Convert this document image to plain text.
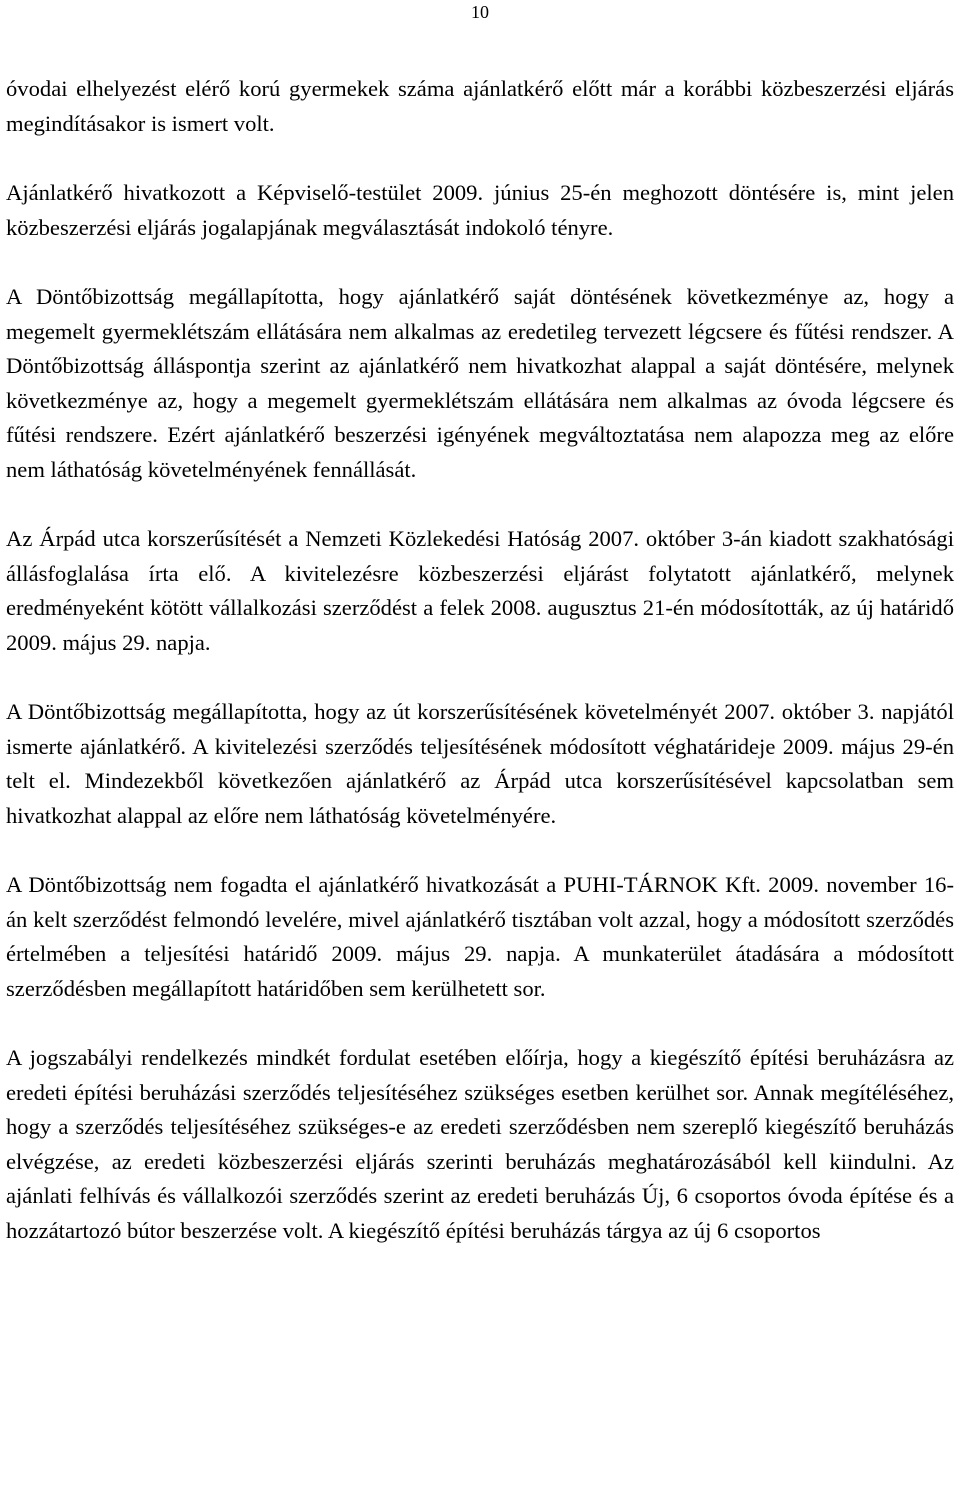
10

óvodai elhelyezést elérő korú gyermekek száma ajánlatkérő előtt már a korábbi közbeszerzési eljárás megindításakor is ismert volt.

Ajánlatkérő hivatkozott a Képviselő-testület 2009. június 25-én meghozott döntésére is, mint jelen közbeszerzési eljárás jogalapjának megválasztását indokoló tényre.

A Döntőbizottság megállapította, hogy ajánlatkérő saját döntésének következménye az, hogy a megemelt gyermeklétszám ellátására nem alkalmas az eredetileg tervezett légcsere és fűtési rendszer. A Döntőbizottság álláspontja szerint az ajánlatkérő nem hivatkozhat alappal a saját döntésére, melynek következménye az, hogy a megemelt gyermeklétszám ellátására nem alkalmas az óvoda légcsere és fűtési rendszere. Ezért ajánlatkérő beszerzési igényének megváltoztatása nem alapozza meg az előre nem láthatóság követelményének fennállását.

Az Árpád utca korszerűsítését a Nemzeti Közlekedési Hatóság 2007. október 3-án kiadott szakhatósági állásfoglalása írta elő. A kivitelezésre közbeszerzési eljárást folytatott ajánlatkérő, melynek eredményeként kötött vállalkozási szerződést a felek 2008. augusztus 21-én módosították, az új határidő 2009. május 29. napja.

A Döntőbizottság megállapította, hogy az út korszerűsítésének követelményét 2007. október 3. napjától ismerte ajánlatkérő. A kivitelezési szerződés teljesítésének módosított véghatárideje 2009. május 29-én telt el. Mindezekből következően ajánlatkérő az Árpád utca korszerűsítésével kapcsolatban sem hivatkozhat alappal az előre nem láthatóság követelményére.

A Döntőbizottság nem fogadta el ajánlatkérő hivatkozását a PUHI-TÁRNOK Kft. 2009. november 16-án kelt szerződést felmondó levelére, mivel ajánlatkérő tisztában volt azzal, hogy a módosított szerződés értelmében a teljesítési határidő 2009. május 29. napja. A munkaterület átadására a módosított szerződésben megállapított határidőben sem kerülhetett sor.

A jogszabályi rendelkezés mindkét fordulat esetében előírja, hogy a kiegészítő építési beruházásra az eredeti építési beruházási szerződés teljesítéséhez szükséges esetben kerülhet sor. Annak megítéléséhez, hogy a szerződés teljesítéséhez szükséges-e az eredeti szerződésben nem szereplő kiegészítő beruházás elvégzése, az eredeti közbeszerzési eljárás szerinti beruházás meghatározásából kell kiindulni. Az ajánlati felhívás és vállalkozói szerződés szerint az eredeti beruházás Új, 6 csoportos óvoda építése és a hozzátartozó bútor beszerzése volt. A kiegészítő építési beruházás tárgya az új 6 csoportos
